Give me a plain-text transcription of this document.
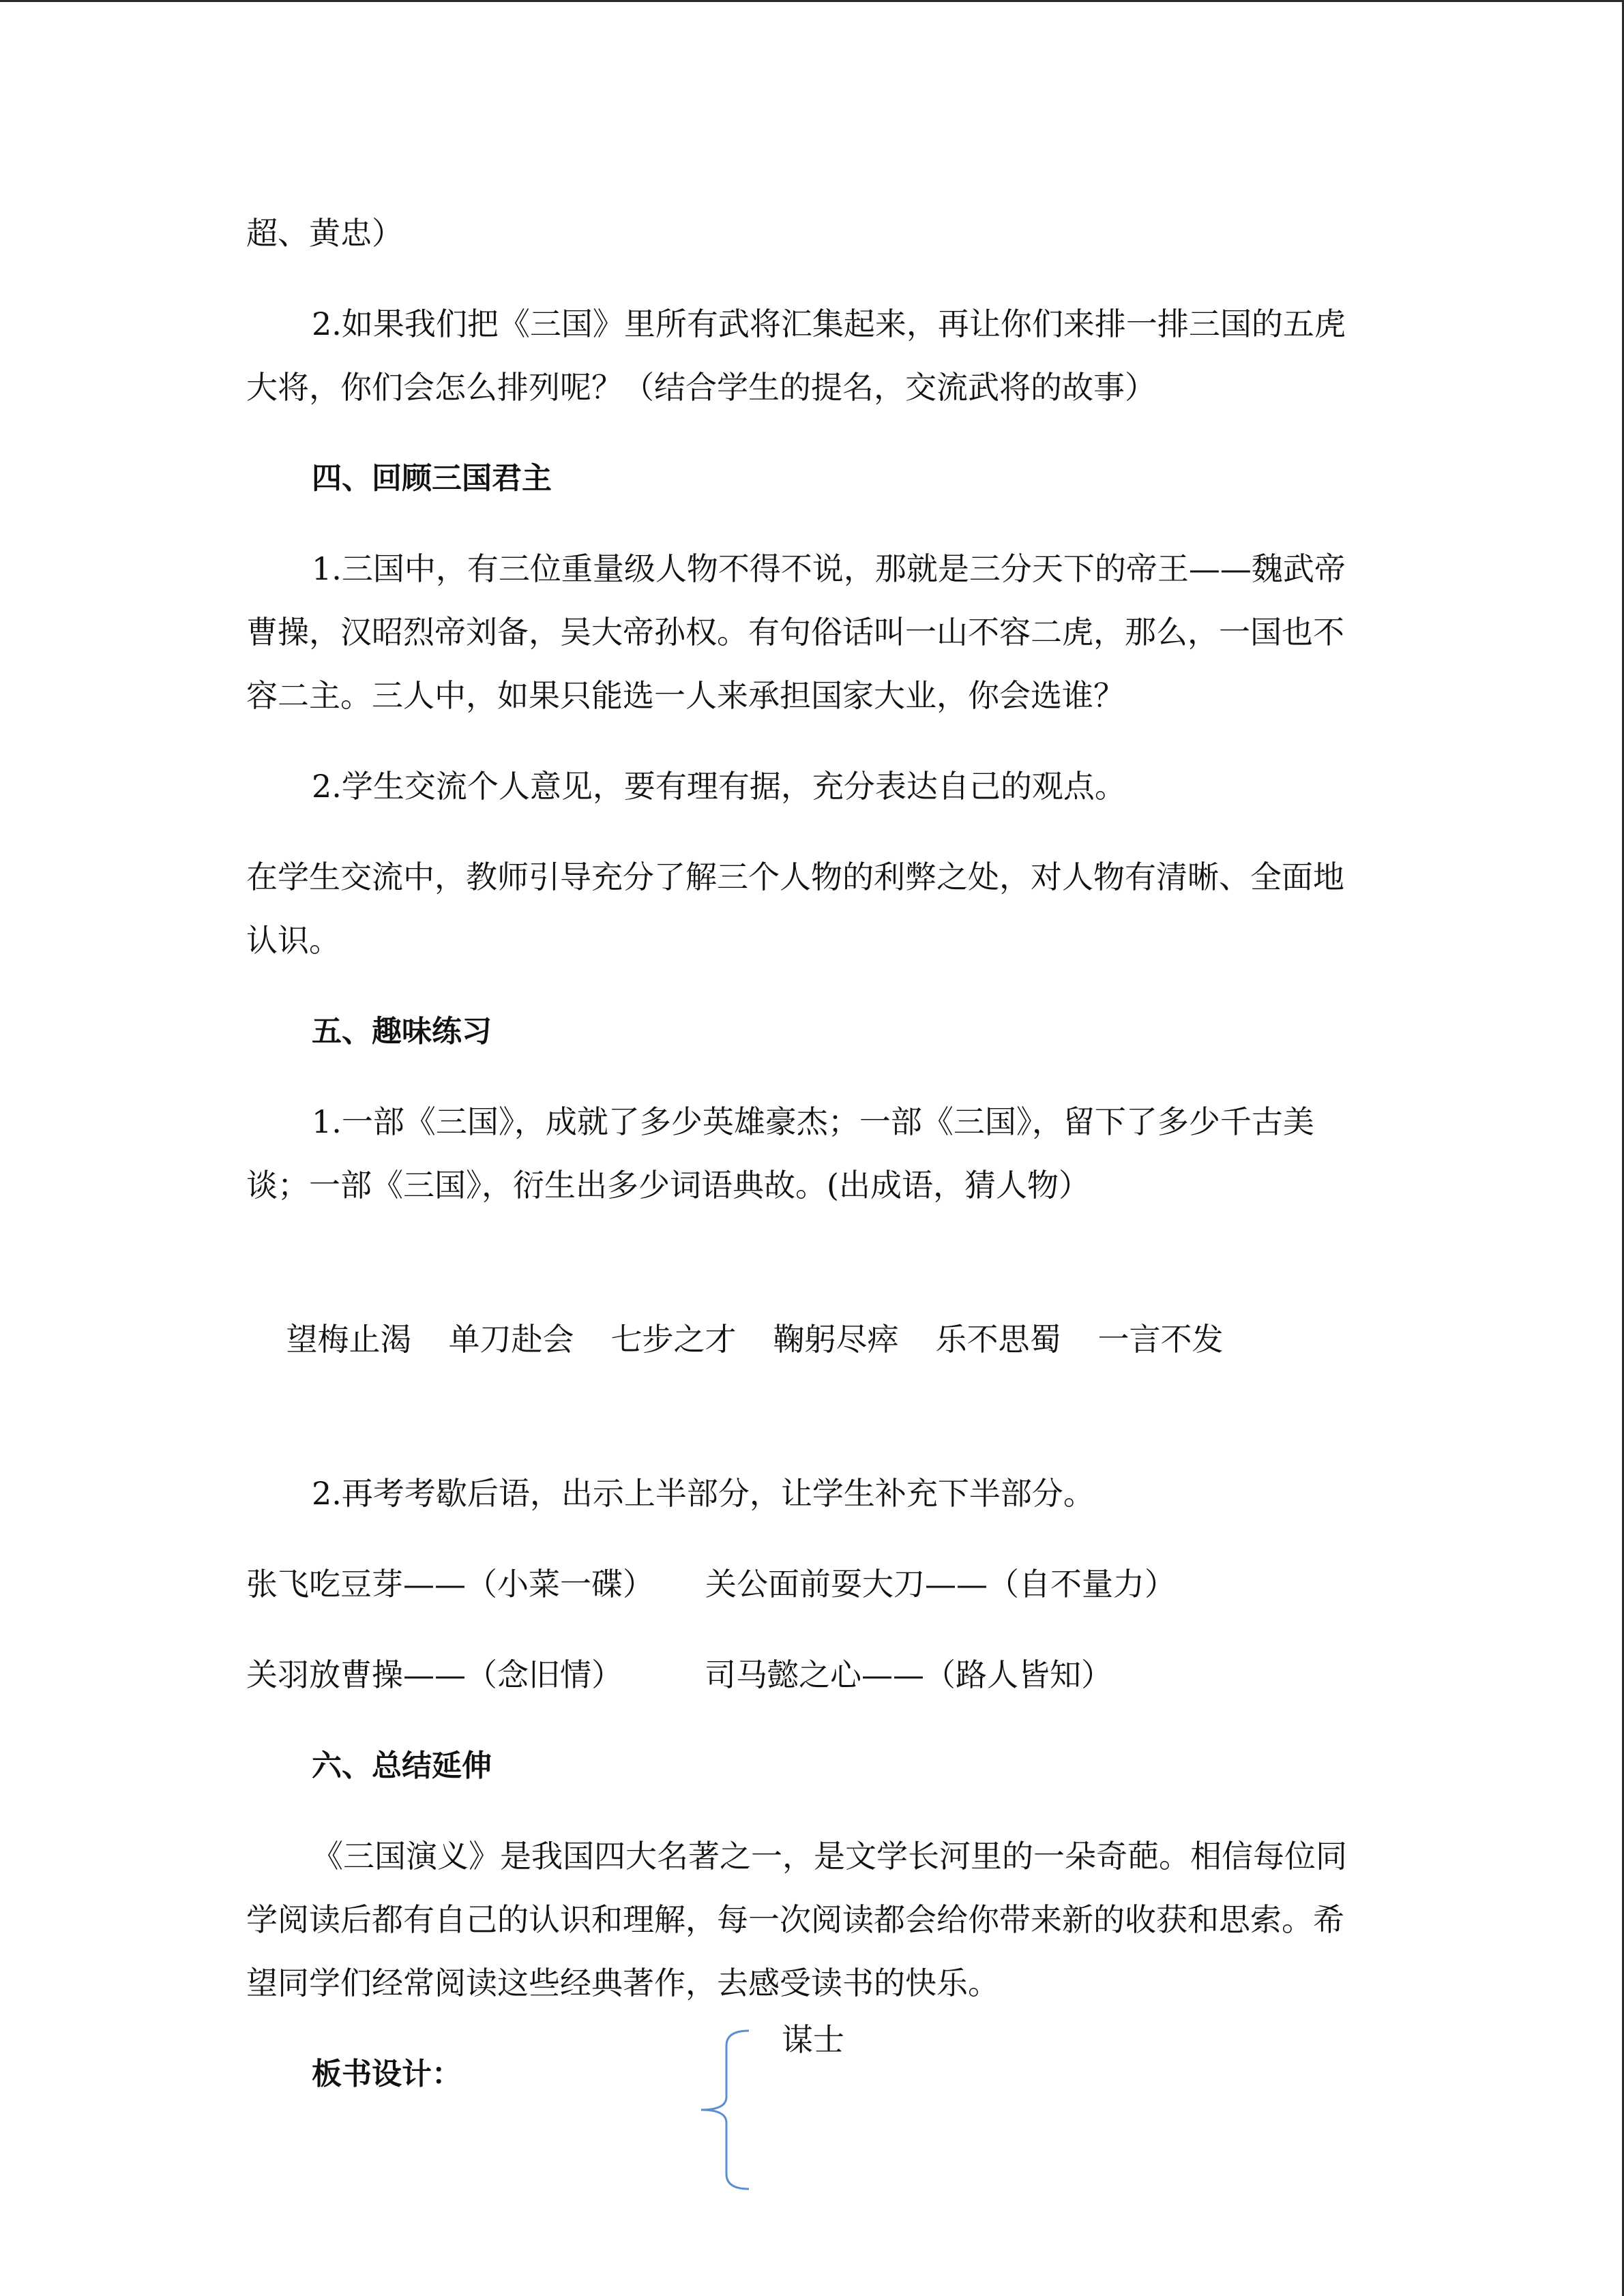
超、黄忠）

2.如果我们把《三国》里所有武将汇集起来，再让你们来排一排三国的五虎大将，你们会怎么排列呢？（结合学生的提名，交流武将的故事）

四、回顾三国君主

1.三国中，有三位重量级人物不得不说，那就是三分天下的帝王——魏武帝曹操，汉昭烈帝刘备，吴大帝孙权。有句俗话叫一山不容二虎，那么，一国也不容二主。三人中，如果只能选一人来承担国家大业，你会选谁？

2.学生交流个人意见，要有理有据，充分表达自己的观点。

在学生交流中，教师引导充分了解三个人物的利弊之处，对人物有清晰、全面地认识。

五、趣味练习

1.一部《三国》，成就了多少英雄豪杰；一部《三国》，留下了多少千古美谈；一部《三国》，衍生出多少词语典故。(出成语，猜人物）

望梅止渴 单刀赴会 七步之才 鞠躬尽瘁 乐不思蜀 一言不发

2.再考考歇后语，出示上半部分，让学生补充下半部分。

张飞吃豆芽——（小菜一碟） 关公面前耍大刀——（自不量力）

关羽放曹操——（念旧情）	司马懿之心——（路人皆知）

六、总结延伸

《三国演义》是我国四大名著之一，是文学长河里的一朵奇葩。相信每位同学阅读后都有自己的认识和理解，每一次阅读都会给你带来新的收获和思索。希望同学们经常阅读这些经典著作，去感受读书的快乐。

板书设计：

谋士
